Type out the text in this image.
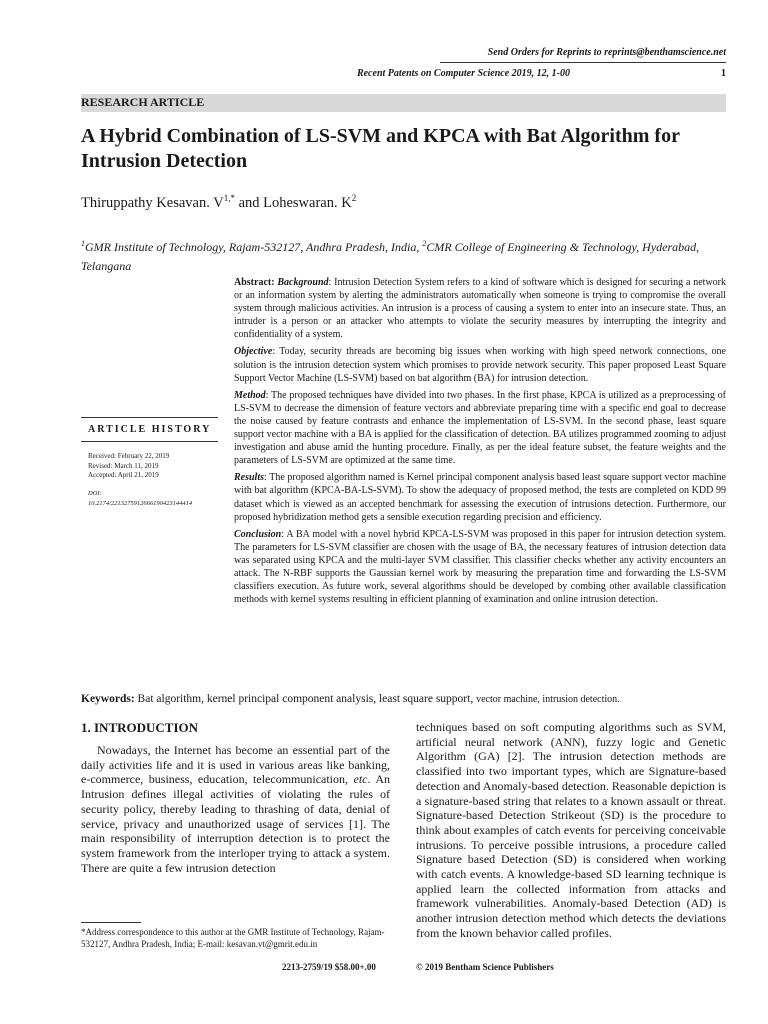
Send Orders for Reprints to reprints@benthamscience.net
Recent Patents on Computer Science 2019, 12, 1-00	1
RESEARCH ARTICLE
A Hybrid Combination of LS-SVM and KPCA with Bat Algorithm for Intrusion Detection
Thiruppathy Kesavan. $V^{1,*}$ and Loheswaran. $K^2$
$^1$GMR Institute of Technology, Rajam-532127, Andhra Pradesh, India, $^2$CMR College of Engineering & Technology, Hyderabad, Telangana

Abstract: Background: Intrusion Detection System refers to a kind of software which is designed for securing a network or an information system by alerting the administrators automatically when someone is trying to compromise the overall system through malicious activities. An intrusion is a process of causing a system to enter into an insecure state. Thus, an intruder is a person or an attacker who attempts to violate the security measures by interrupting the integrity and confidentiality of a system.

Objective: Today, security threads are becoming big issues when working with high speed network connections, one solution is the intrusion detection system which promises to provide network security. This paper proposed Least Square Support Vector Machine (LS-SVM) based on bat algorithm (BA) for intrusion detection.

Method: The proposed techniques have divided into two phases. In the first phase, KPCA is utilized as a preprocessing of LS-SVM to decrease the dimension of feature vectors and abbreviate preparing time with a specific end goal to decrease the noise caused by feature contrasts and enhance the implementation of LS-SVM. In the second phase, least square support vector machine with a BA is applied for the classification of detection. BA utilizes programmed zooming to adjust investigation and abuse amid the hunting procedure. Finally, as per the ideal feature subset, the feature weights and the parameters of LS-SVM are optimized at the same time.

Results: The proposed algorithm named is Kernel principal component analysis based least square support vector machine with bat algorithm (KPCA-BA-LS-SVM). To show the adequacy of proposed method, the tests are completed on KDD 99 dataset which is viewed as an accepted benchmark for assessing the execution of intrusions detection. Furthermore, our proposed hybridization method gets a sensible execution regarding precision and efficiency.

Conclusion: A BA model with a novel hybrid KPCA-LS-SVM was proposed in this paper for intrusion detection system. The parameters for LS-SVM classifier are chosen with the usage of BA, the necessary features of intrusion detection data was separated using KPCA and the multi-layer SVM classifier. This classifier checks whether any activity encounters an attack. The N-RBF supports the Gaussian kernel work by measuring the preparation time and forwarding the LS-SVM classifiers execution. As future work, several algorithms should be developed by combing other available classification methods with kernel systems resulting in efficient planning of examination and online intrusion detection.

ARTICLE HISTORY
Received: February 22, 2019
Revised: March 11, 2019
Accepted: April 21, 2019
DOI:
10.2174/2213275912666190423144414
Keywords: Bat algorithm, kernel principal component analysis, least square support, vector machine, intrusion detection.
1. INTRODUCTION

Nowadays, the Internet has become an essential part of the daily activities life and it is used in various areas like banking, e-commerce, business, education, telecommunication, etc. An Intrusion defines illegal activities of violating the rules of security policy, thereby leading to thrashing of data, denial of service, privacy and unauthorized usage of services [1]. The main responsibility of interruption detection is to protect the system framework from the interloper trying to attack a system. There are quite a few intrusion detection

techniques based on soft computing algorithms such as SVM, artificial neural network (ANN), fuzzy logic and Genetic Algorithm (GA) [2]. The intrusion detection methods are classified into two important types, which are Signature-based detection and Anomaly-based detection. Reasonable depiction is a signature-based string that relates to a known assault or threat. Signature-based Detection Strikeout (SD) is the procedure to think about examples of catch events for perceiving conceivable intrusions. To perceive possible intrusions, a procedure called Signature based Detection (SD) is considered when working with catch events. A knowledge-based SD learning technique is applied learn the collected information from attacks and framework vulnerabilities. Anomaly-based Detection (AD) is another intrusion detection method which detects the deviations from the known behavior called profiles.

*Address correspondence to this author at the GMR Institute of Technology, Rajam-532127, Andhra Pradesh, India; E-mail: kesavan.vt@gmrit.edu.in
2213-2759/19 $58.00+.00	© 2019 Bentham Science Publishers
